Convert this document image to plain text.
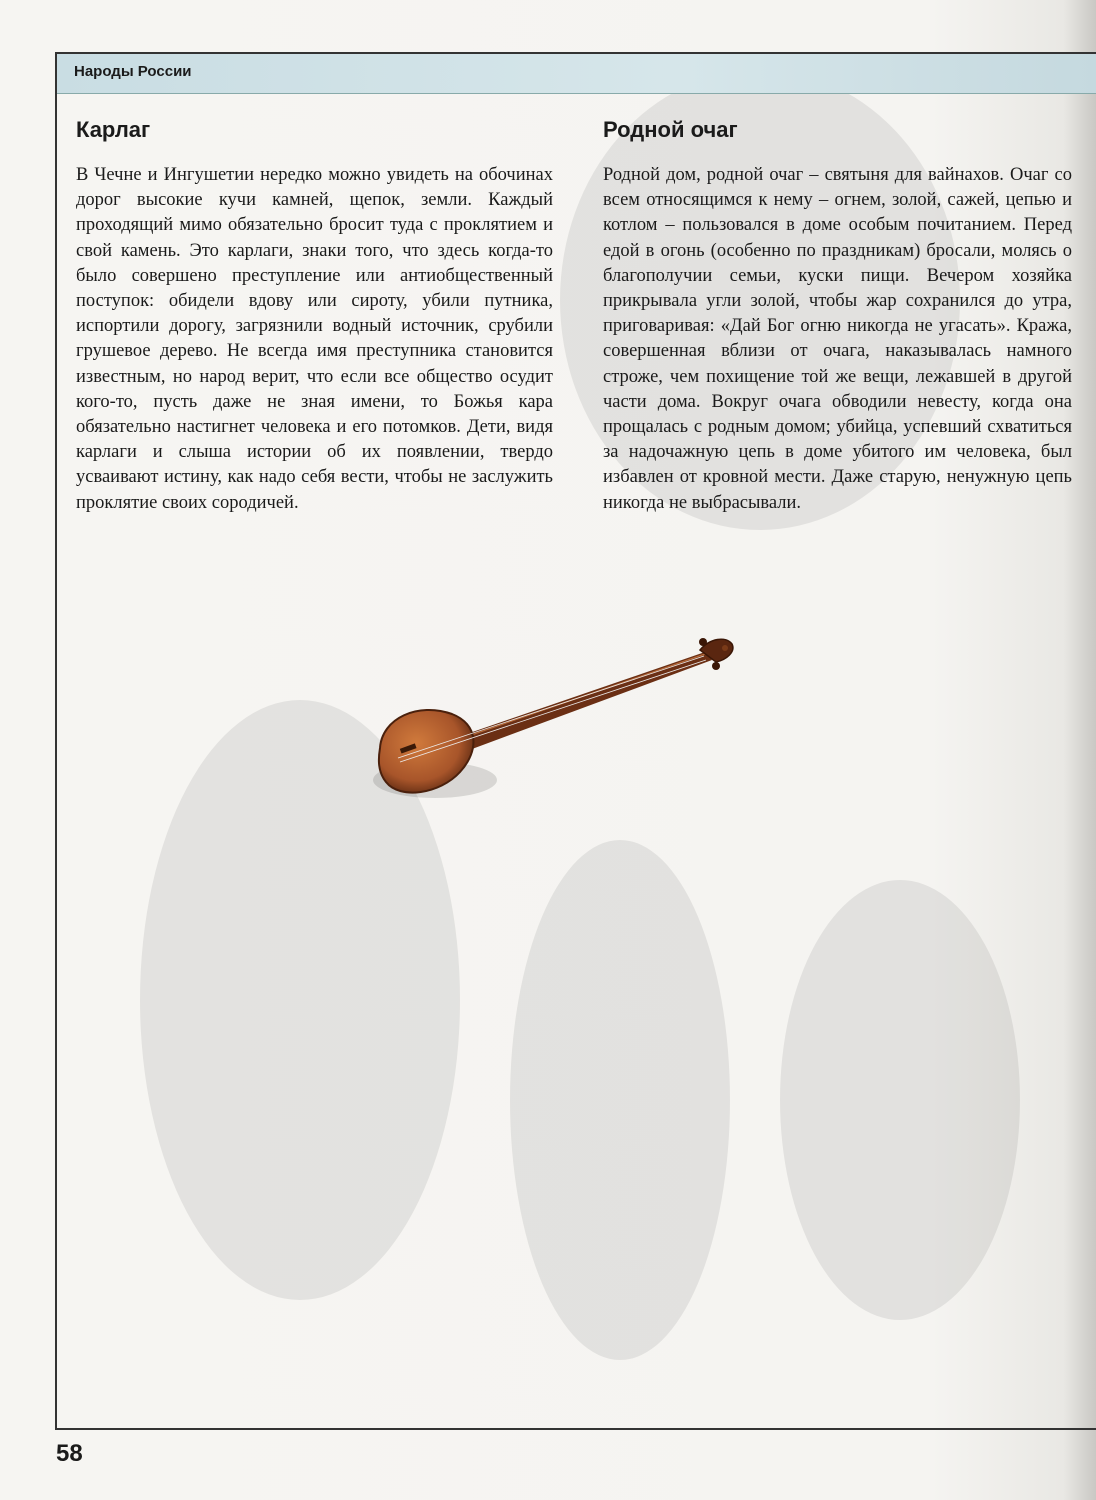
Народы России
Карлаг

В Чечне и Ингушетии нередко можно увидеть на обочинах дорог высокие кучи камней, щепок, земли. Каждый проходящий мимо обязательно бросит туда с проклятием и свой камень. Это карлаги, знаки того, что здесь когда-то было совершено преступление или антиобщественный поступок: обидели вдову или сироту, убили путника, испортили дорогу, загрязнили водный источник, срубили грушевое дерево. Не всегда имя преступника становится известным, но народ верит, что если все общество осудит кого-то, пусть даже не зная имени, то Божья кара обязательно настигнет человека и его потомков. Дети, видя карлаги и слыша истории об их появлении, твердо усваивают истину, как надо себя вести, чтобы не заслужить проклятие своих сородичей.

Родной очаг

Родной дом, родной очаг – святыня для вайнахов. Очаг со всем относящимся к нему – огнем, золой, сажей, цепью и котлом – пользовался в доме особым почитанием. Перед едой в огонь (особенно по праздникам) бросали, молясь о благополучии семьи, куски пищи. Вечером хозяйка прикрывала угли золой, чтобы жар сохранился до утра, приговаривая: «Дай Бог огню никогда не угасать». Кража, совершенная вблизи от очага, наказывалась намного строже, чем похищение той же вещи, лежавшей в другой части дома. Вокруг очага обводили невесту, когда она прощалась с родным домом; убийца, успевший схватиться за надочажную цепь в доме убитого им человека, был избавлен от кровной мести. Даже старую, ненужную цепь никогда не выбрасывали.

58
